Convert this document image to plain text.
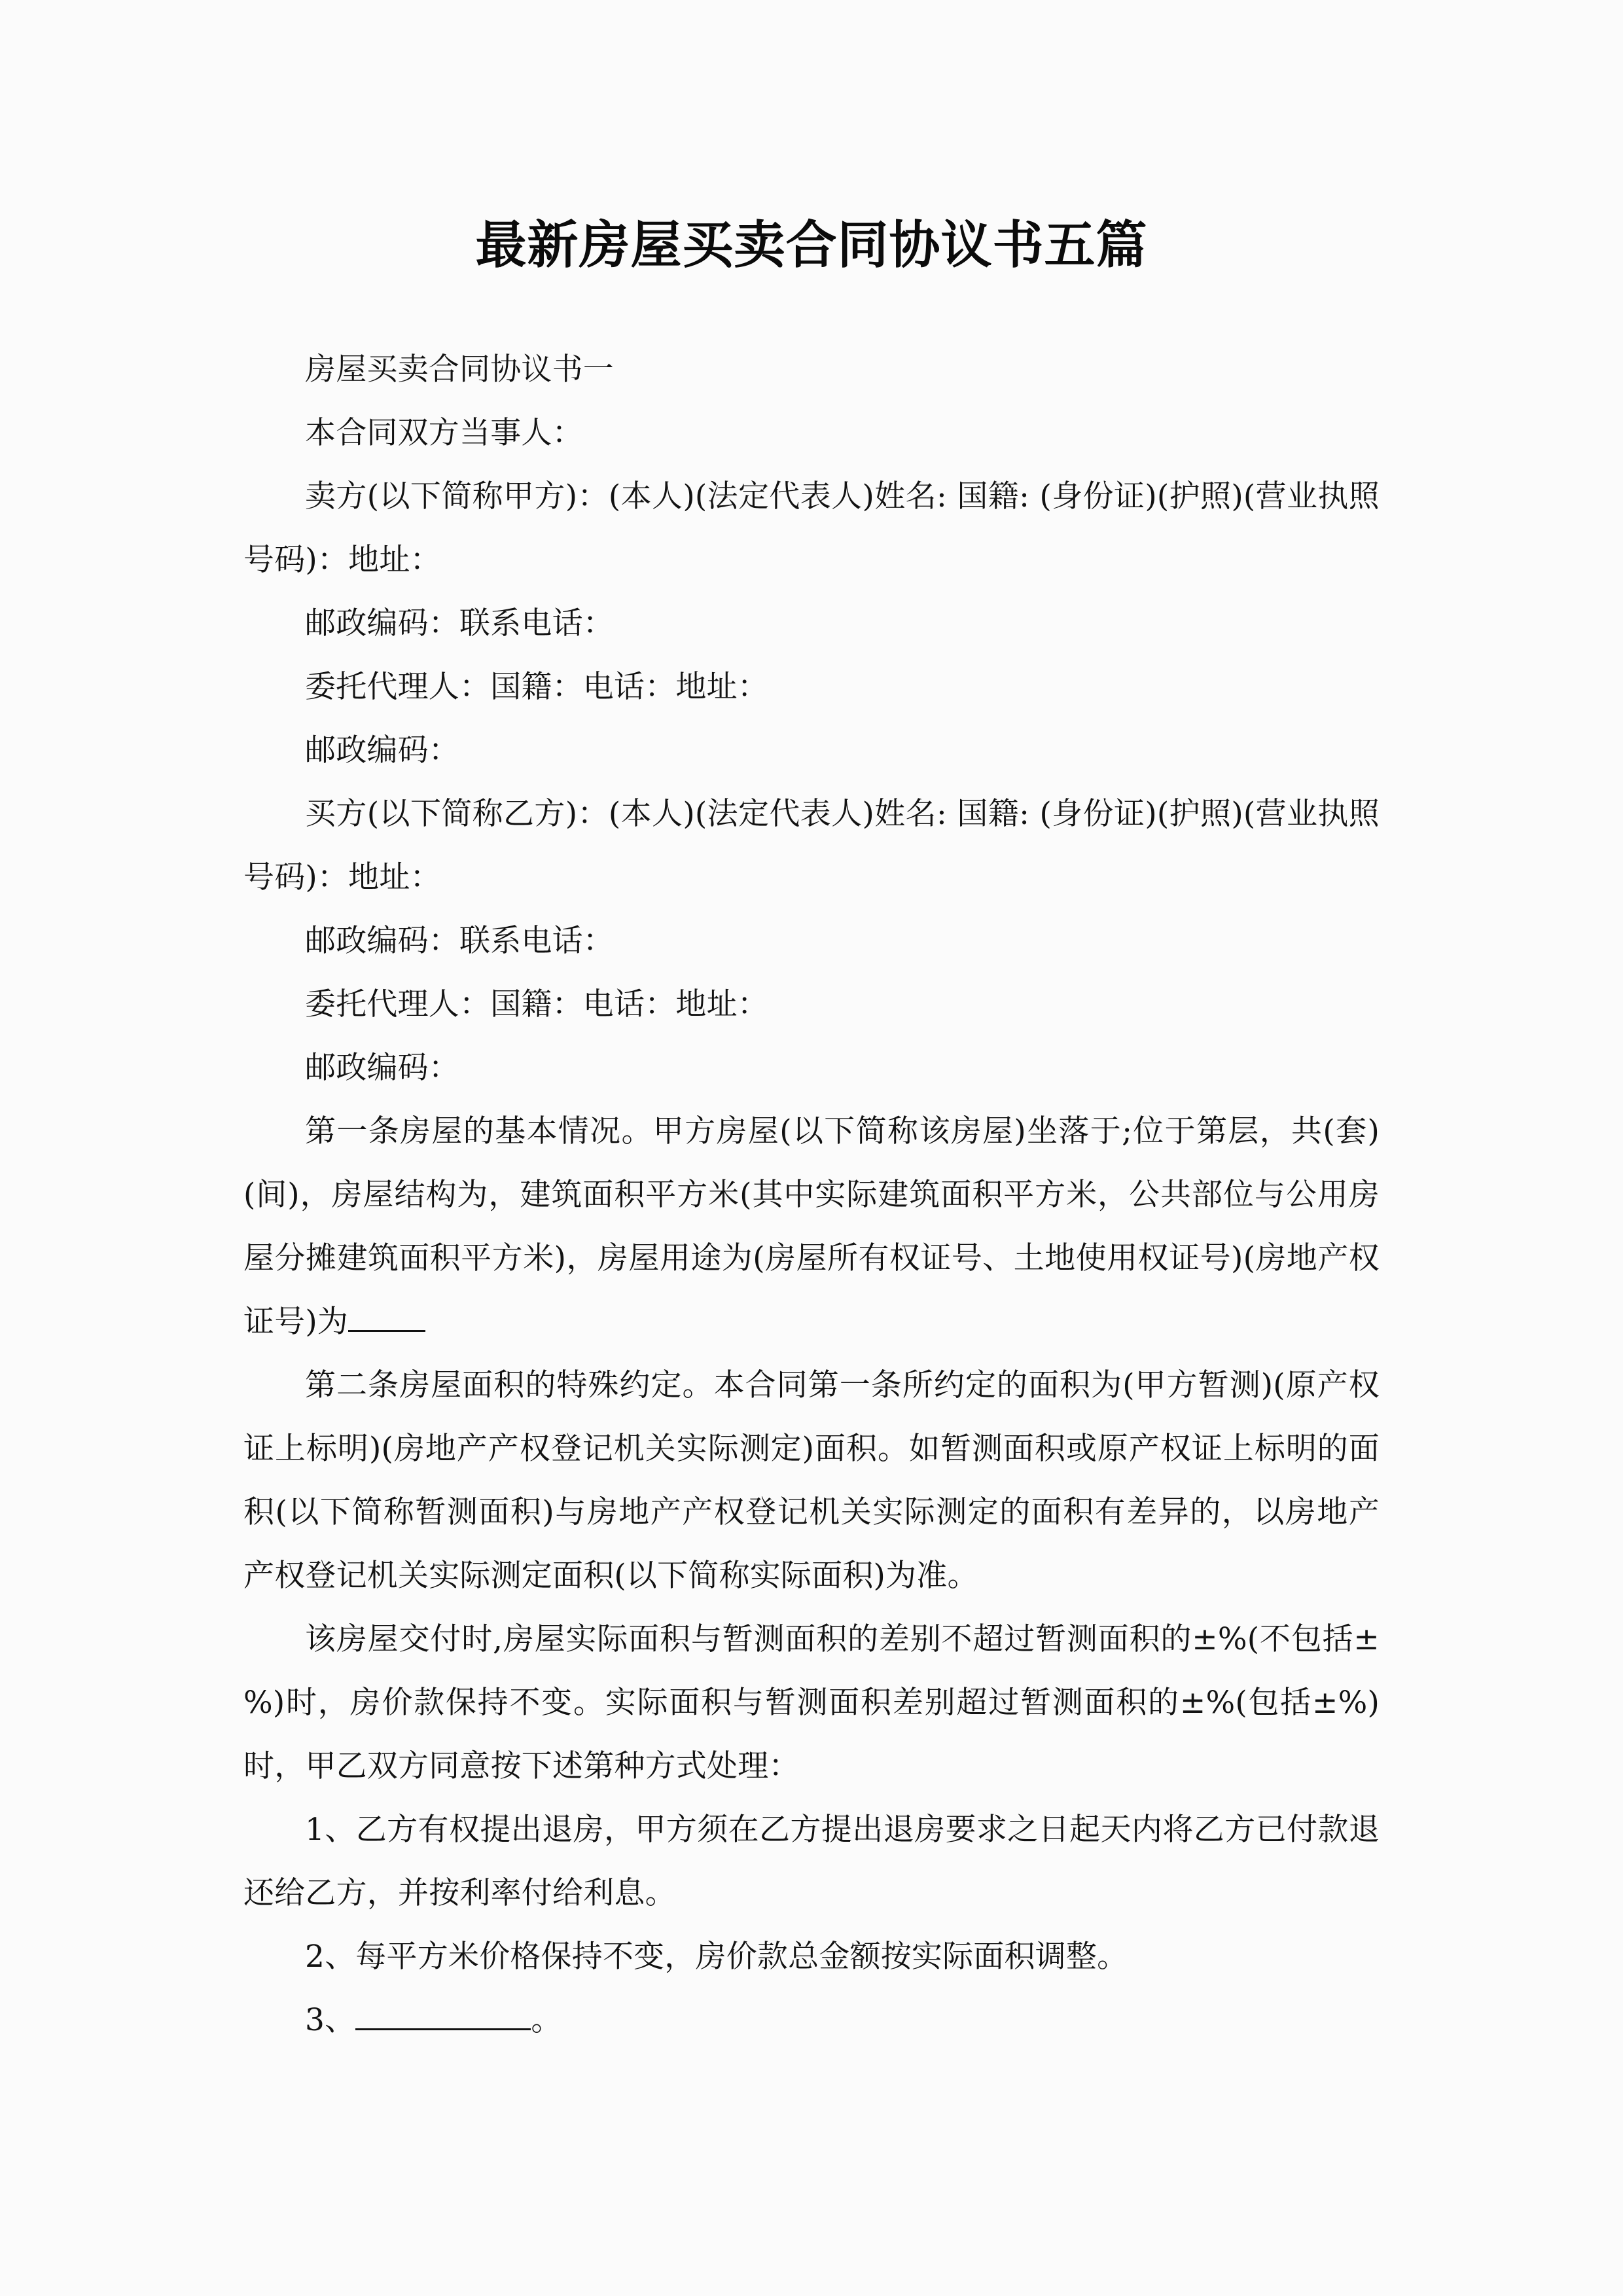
最新房屋买卖合同协议书五篇

房屋买卖合同协议书一

本合同双方当事人：

卖方(以下简称甲方)：(本人)(法定代表人)姓名: 国籍: (身份证)(护照)(营业执照号码)：地址：

邮政编码：联系电话：

委托代理人：国籍：电话：地址：

邮政编码：

买方(以下简称乙方)：(本人)(法定代表人)姓名: 国籍: (身份证)(护照)(营业执照号码)：地址：

邮政编码：联系电话：

委托代理人：国籍：电话：地址：

邮政编码：

第一条房屋的基本情况。甲方房屋(以下简称该房屋)坐落于;位于第层，共(套)(间)，房屋结构为，建筑面积平方米(其中实际建筑面积平方米，公共部位与公用房屋分摊建筑面积平方米)，房屋用途为(房屋所有权证号、土地使用权证号)(房地产权证号)为

第二条房屋面积的特殊约定。本合同第一条所约定的面积为(甲方暂测)(原产权证上标明)(房地产产权登记机关实际测定)面积。如暂测面积或原产权证上标明的面积(以下简称暂测面积)与房地产产权登记机关实际测定的面积有差异的，以房地产产权登记机关实际测定面积(以下简称实际面积)为准。

该房屋交付时,房屋实际面积与暂测面积的差别不超过暂测面积的±%(不包括±%)时，房价款保持不变。实际面积与暂测面积差别超过暂测面积的±%(包括±%)时，甲乙双方同意按下述第种方式处理：

1、乙方有权提出退房，甲方须在乙方提出退房要求之日起天内将乙方已付款退还给乙方，并按利率付给利息。

2、每平方米价格保持不变，房价款总金额按实际面积调整。

3、	。
